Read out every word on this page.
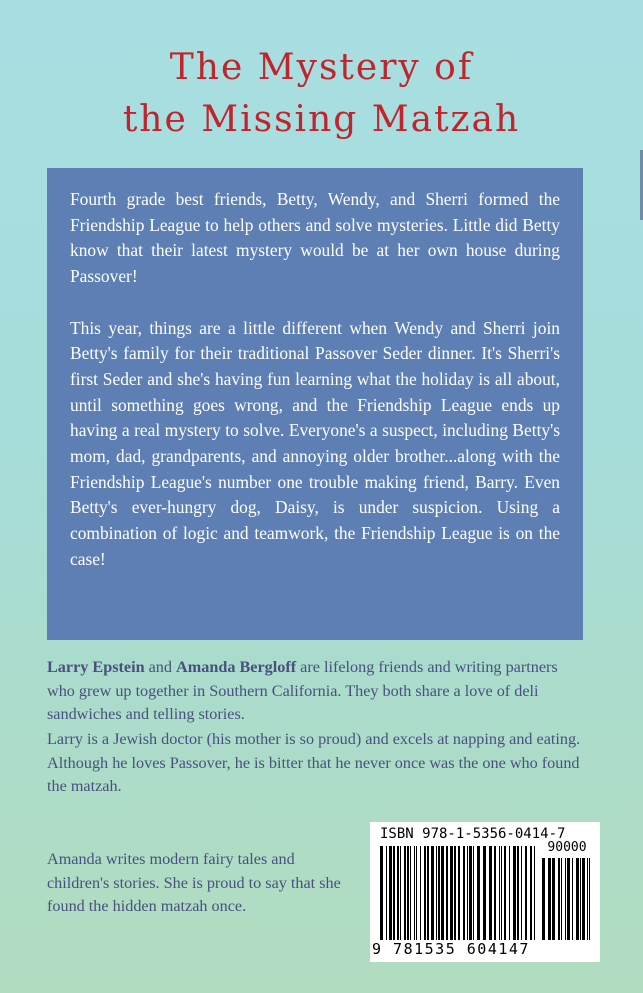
The Mystery of
the Missing Matzah

Fourth grade best friends, Betty, Wendy, and Sherri formed the Friendship League to help others and solve mysteries. Little did Betty know that their latest mystery would be at her own house during Passover!

This year, things are a little different when Wendy and Sherri join Betty's family for their traditional Passover Seder dinner. It's Sherri's first Seder and she's having fun learning what the holiday is all about, until something goes wrong, and the Friendship League ends up having a real mystery to solve. Everyone's a suspect, including Betty's mom, dad, grandparents, and annoying older brother...along with the Friendship League's number one trouble making friend, Barry. Even Betty's ever-hungry dog, Daisy, is under suspicion. Using a combination of logic and teamwork, the Friendship League is on the case!

Larry Epstein and Amanda Bergloff are lifelong friends and writing partners who grew up together in Southern California. They both share a love of deli sandwiches and telling stories.
Larry is a Jewish doctor (his mother is so proud) and excels at napping and eating. Although he loves Passover, he is bitter that he never once was the one who found the matzah.
Amanda writes modern fairy tales and children's stories. She is proud to say that she found the hidden matzah once.
ISBN 978-1-5356-0414-7
90000
9 781535 604147
